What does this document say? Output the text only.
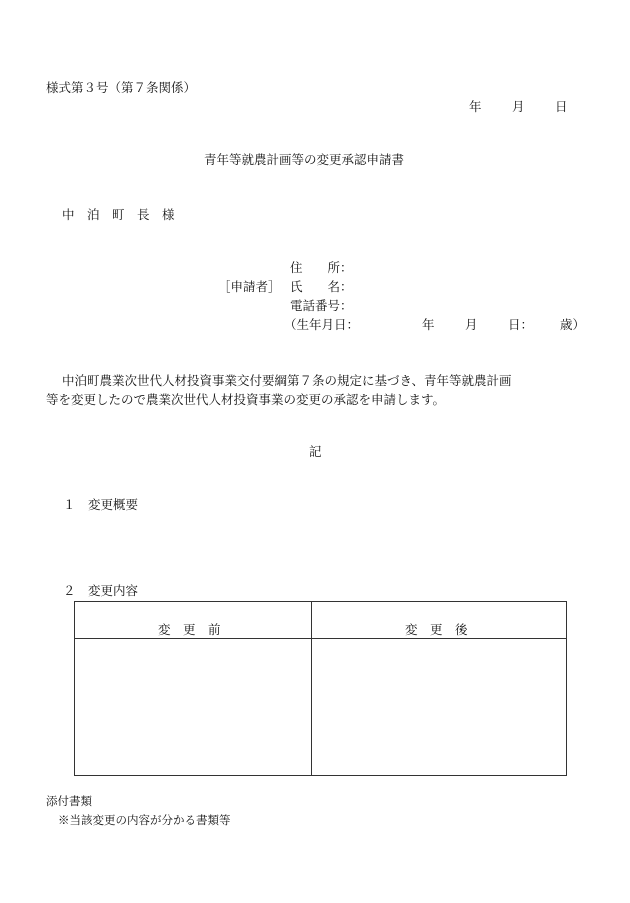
様式第３号（第７条関係）
年 月 日
青年等就農計画等の変更承認申請書
中　泊　町　長　様
［申請者］
住　　所：
氏　　名：
電話番号：
（生年月日：	年 月 日： 歳）
中泊町農業次世代人材投資事業交付要綱第７条の規定に基づき、青年等就農計画
等を変更したので農業次世代人材投資事業の変更の承認を申請します。
記
１　変更概要
２　変更内容
変　更　前	変　更　後
添付書類
※当該変更の内容が分かる書類等
